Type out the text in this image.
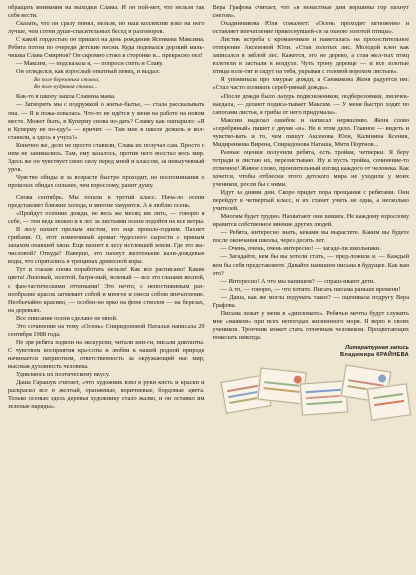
обращать внимания на выходки Славы. И он пой-мет, что нельзя так себя вести.

Сказать, что он сразу понял, нельзя, но наш коллектив взял на него лучше, чем сотни душе-спасительных бесед и разговоров.

С какой гордостью он пришел на день рождения Ясенкова Максима. Ребята потом по очереди детские песни. Куда подевался дерзкий маль-чишка Слава Смирнов? Он скромно стоял в сторонке и... прекрасно пел!

— Максим, — подсказала я, — попроси спеть и Славу.

Он огляделся, как взрослый опытный певец, и выдал:

Во поле березонька стояла,
Во поле кудрявая стояла...

Как-то в школу зашла Славина мама.

— Затворить мы с подружкой о житье-бытье, — стала рассказывать она. — Я и пожа-ловалась. Что-то не идётся у меня на работе на новом месте. Может быть, в Куперму снова по-дать? Славку как ошпарило: «Я в Куперму не по-еду!» — кричит. — Там мне в школе дежиль и кол-ставили, а здесь я учусь!»

Конечно же, дело не просто ставили, Слава их получал сам. Просто с ним не занимались. Там, ему казалось, против него восстал весь мир. Здесь же он чувствует свою силу перед мной и классом, за невыучевный урок.

Чувство обиды и за возрасте быстро проходит, но воспоминания о прошлых обидах сильнее, чем взрослому, ранит душу.

Снова сентябрь. Мы пошли в третий класс. Нача-ло осени представляет близкие холода, и многие хмурятся. А я люблю осень.

«Пройдут осенние дожди, не весь же месяц им лить, — говорю я себе, — тем ведь можно и в лес за листьями осени подойти на все ветры.

В лесу пахнет прелым листом, это еще прошло-годним. Пахнет грибами. О, этот изменчивый аромат чудесного сырости с пряным запахом опавшей хвои. Еще пахнет в лесу истлевшей земли. Где это вы-числовой? Откуда? Наверно, это пахнут желтенькие кали-дождевые воды, что спрятались в трещинах древесной коры.

Тут и глазам снова поработать нельзя! Как все расписано! Какие цвета! Лиловый, золотой, багря-ный, зеленый — все это глазами весной, с фан-тастическими оттенками! Это нечто, с непостижимым раз-нообразие красок затмевает собой и многое и смеси собою впечатление. Необычайно красиво, — особен-но ярко на фоне стволов — на березах, на деревьях.

Все описание осени сделано не мной.

Это сочинение на тему «Осень» Спиридоновой Натальи написала 29 сентября 1988 года.

Не зря ребята ходили на экскурсии, читали кни-ги, писали диктанты. С чувством восприятия кра-соты и любви к нашей родной природе начинается патриотизм, ответственность за окружающий нас мир, высокая духовность человека.

Удивляюсь их поэтическому вкусу.

Даша Гарашук считает, «что художник взял в руки кисть и краски и раскрасил все в желтый, оранжевые, коричневые, бордовые цвета. Только осенью здесь деревья художнику стало жалко, и он оставил им зеленые наряды».

Вера Графова считает, что «в ненастные дни вершины гор пахнут снегом».

Охадинникова Юля сожалеет: «Осень проходит мгновенно и оставляет впечатление прикоснувшей-ся за окною золотой птицы».

Листик ястреба с кроманчиков и наметалась на прохостительное отпорение Аксеновой Юли. «Стая золотых лис. Молодой клен как записался в зяблой лес. Кажется, это не дерево, а стая жел-тых птиц взлетели в застыли в воздухе. Чуть трону деревце — и все золотые птицы взле-тят и сядут на тебя, укрывая с головой ворохом листьев».

Я упоминала про хмурые дожди, а Санжикова Женя радуется им: «Стал часто поливать сереб-ряный дождь».

«После дождя было лазурь подвснежников, подберезовики, лисичек-наедала, — делают подиса-тывает Максим. — У меня быстро ходят по сапогами листья, я грибы от него придумала».

Максим наделал ошибок и написал неряшливо. Женя слово «серебряный» пишет с двумя «н». Не в этом дело. Главное — видеть и чувство-вать и то, чем пишут Аксенова Юля, Калинина Ксения, Мидиренкова Вирена, Спиридонова Наташа, Митя Портнов...

Разные оценки получили ребята, есть тройки, четверки. Я беру тетради и листаю их, перелистываю. Ну и пусть тройка, сочинение-то отличное! Живое слово, пронзительный взгляд каждого от человека. Как хочется, чтобы отблески этого детского мира не уходили у моих учеников, росли бы с ними.

Идут за днями дни. Скоро придет пора прощания с ребятами. Они перейдут в четвертый класс, и их станет учить не одна, а несколько учителей.

Многим будет трудно. Нахватают они шишек. Не каждому взрослому нравится собственное мнение других людей.

— Ребята, интересно знать, кеками вы вырастете. Каким вы будете после окончания школы, через десять лет.

— Очень, очень, очень интересно! — загаде-ли школьники.

— Загадайте, кем бы вы хотели стать, — пред-ложила я. — Каждый кем бы себя представляете. Давайте напишем письма в будущее. Как вам это?

— Интересно! А что мы напишем? — спраш-ивают дети.

— А то, — говорю, — что хотите. Писать письма раньше времени!

— Даша, как же могла подумать такое? — оценивала подругу Вера Графова.

Письма лежат у меня в «дипломате». Ребячьи мечты будут служить мне «маяком» при всех непогодах жизненного моря. Я верю в своих учеников. Троечник может стать отличным человеком. Процветающих пожелать никогда.

Литературная запись
Владимира КРАЙНЕВА
